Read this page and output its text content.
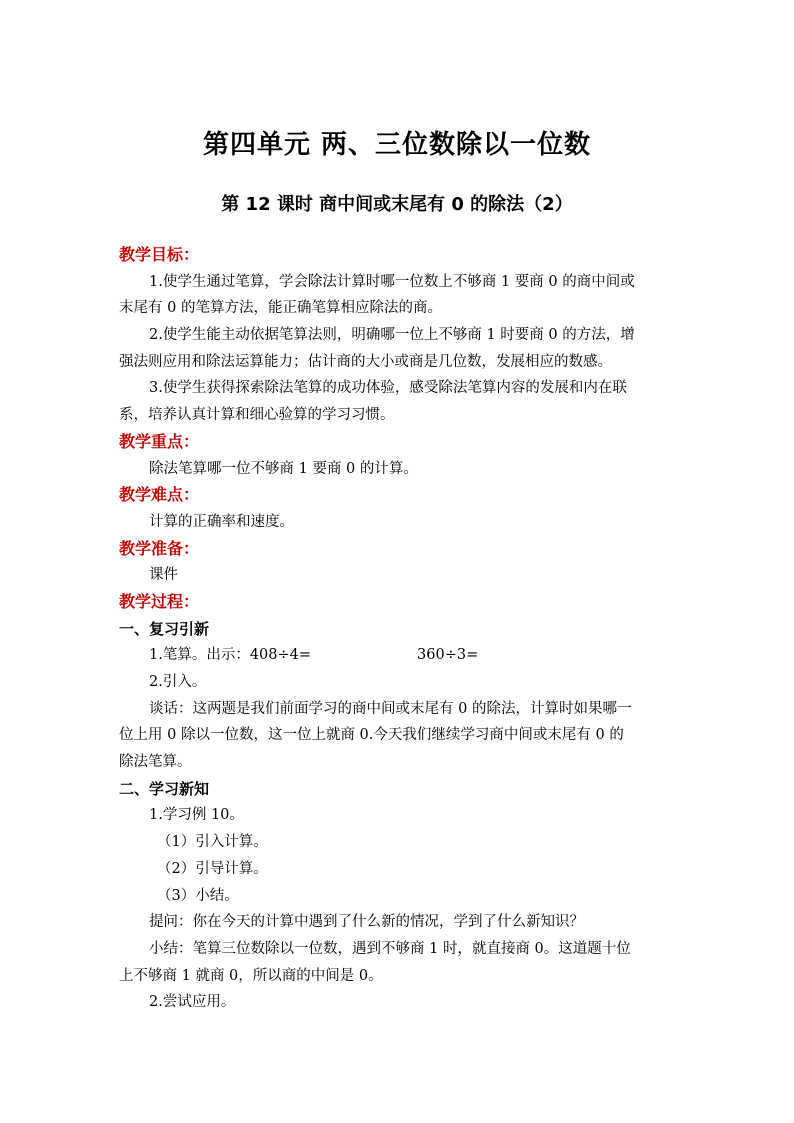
第四单元 两、三位数除以一位数
第 12 课时 商中间或末尾有 0 的除法（2）
教学目标：
1.使学生通过笔算，学会除法计算时哪一位数上不够商 1 要商 0 的商中间或
末尾有 0 的笔算方法，能正确笔算相应除法的商。
2.使学生能主动依据笔算法则，明确哪一位上不够商 1 时要商 0 的方法，增
强法则应用和除法运算能力；估计商的大小或商是几位数，发展相应的数感。
3.使学生获得探索除法笔算的成功体验，感受除法笔算内容的发展和内在联
系，培养认真计算和细心验算的学习习惯。
教学重点：
除法笔算哪一位不够商 1 要商 0 的计算。
教学难点：
计算的正确率和速度。
教学准备：
课件
教学过程：
一、复习引新
1.笔算。出示：408÷4=	360÷3=
2.引入。
谈话：这两题是我们前面学习的商中间或末尾有 0 的除法，计算时如果哪一
位上用 0 除以一位数，这一位上就商 0.今天我们继续学习商中间或末尾有 0 的
除法笔算。
二、学习新知
1.学习例 10。
（1）引入计算。
（2）引导计算。
（3）小结。
提问：你在今天的计算中遇到了什么新的情况，学到了什么新知识？
小结：笔算三位数除以一位数，遇到不够商 1 时，就直接商 0。这道题十位
上不够商 1 就商 0，所以商的中间是 0。
2.尝试应用。
